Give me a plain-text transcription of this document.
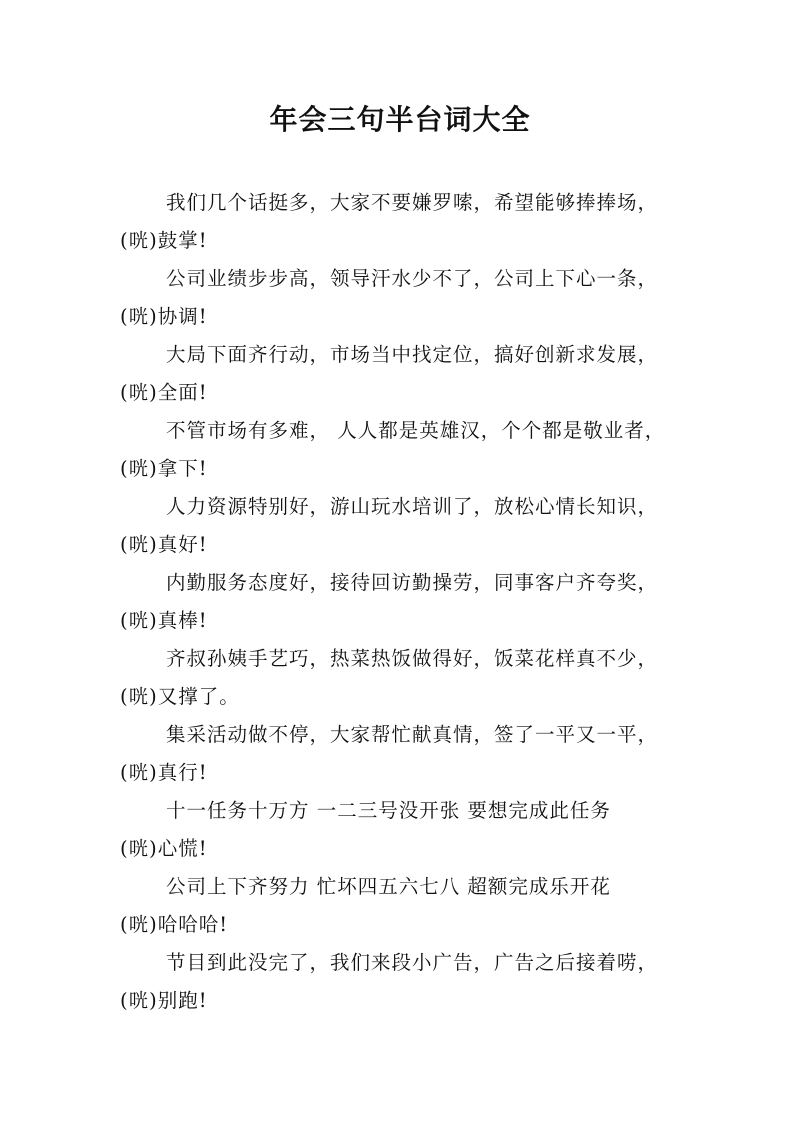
年会三句半台词大全
我们几个话挺多，大家不要嫌罗嗦，希望能够捧捧场，
(咣)鼓掌!
公司业绩步步高，领导汗水少不了，公司上下心一条，
(咣)协调!
大局下面齐行动，市场当中找定位，搞好创新求发展，
(咣)全面!
不管市场有多难， 人人都是英雄汉，个个都是敬业者，
(咣)拿下!
人力资源特别好，游山玩水培训了，放松心情长知识，
(咣)真好!
内勤服务态度好，接待回访勤操劳，同事客户齐夸奖，
(咣)真棒!
齐叔孙姨手艺巧，热菜热饭做得好，饭菜花样真不少，
(咣)又撑了。
集采活动做不停，大家帮忙献真情，签了一平又一平，
(咣)真行!
十一任务十万方 一二三号没开张 要想完成此任务
(咣)心慌!
公司上下齐努力 忙坏四五六七八 超额完成乐开花
(咣)哈哈哈!
节目到此没完了，我们来段小广告，广告之后接着唠，
(咣)别跑!
